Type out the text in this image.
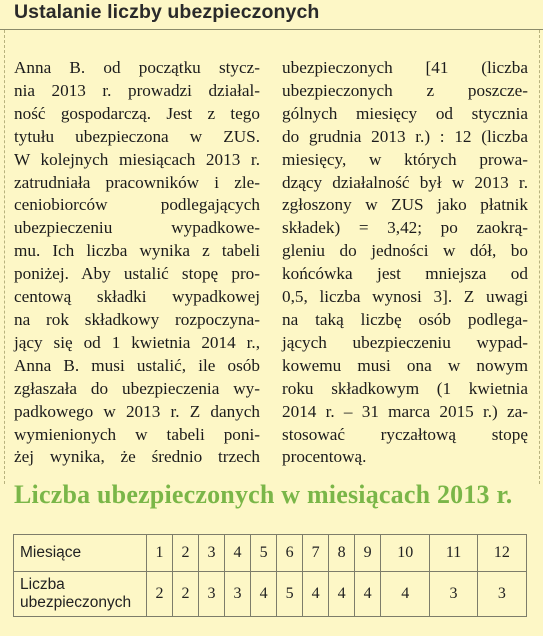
Ustalanie liczby ubezpieczonych

Anna B. od początku stycz-
nia 2013 r. prowadzi działal-
ność gospodarczą. Jest z tego
tytułu ubezpieczona w ZUS.
W kolejnych miesiącach 2013 r.
zatrudniała pracowników i zle-
ceniobiorców podlegających
ubezpieczeniu wypadkowe-
mu. Ich liczba wynika z tabeli
poniżej. Aby ustalić stopę pro-
centową składki wypadkowej
na rok składkowy rozpoczyna-
jący się od 1 kwietnia 2014 r.,
Anna B. musi ustalić, ile osób
zgłaszała do ubezpieczenia wy-
padkowego w 2013 r. Z danych
wymienionych w tabeli poni-
żej wynika, że średnio trzech

ubezpieczonych [41 (liczba
ubezpieczonych z poszcze-
gólnych miesięcy od stycznia
do grudnia 2013 r.) : 12 (liczba
miesięcy, w których prowa-
dzący działalność był w 2013 r.
zgłoszony w ZUS jako płatnik
składek) = 3,42; po zaokrą-
gleniu do jedności w dół, bo
końcówka jest mniejsza od
0,5, liczba wynosi 3]. Z uwagi
na taką liczbę osób podlega-
jących ubezpieczeniu wypad-
kowemu musi ona w nowym
roku składkowym (1 kwietnia
2014 r. – 31 marca 2015 r.) za-
stosować ryczałtową stopę
procentową.

Liczba ubezpieczonych w miesiącach 2013 r.
Miesiące	1	2	3	4	5	6	7	8	9	10	11	12
Liczba
ubezpieczonych	2	2	3	3	4	5	4	4	4	4	3	3
